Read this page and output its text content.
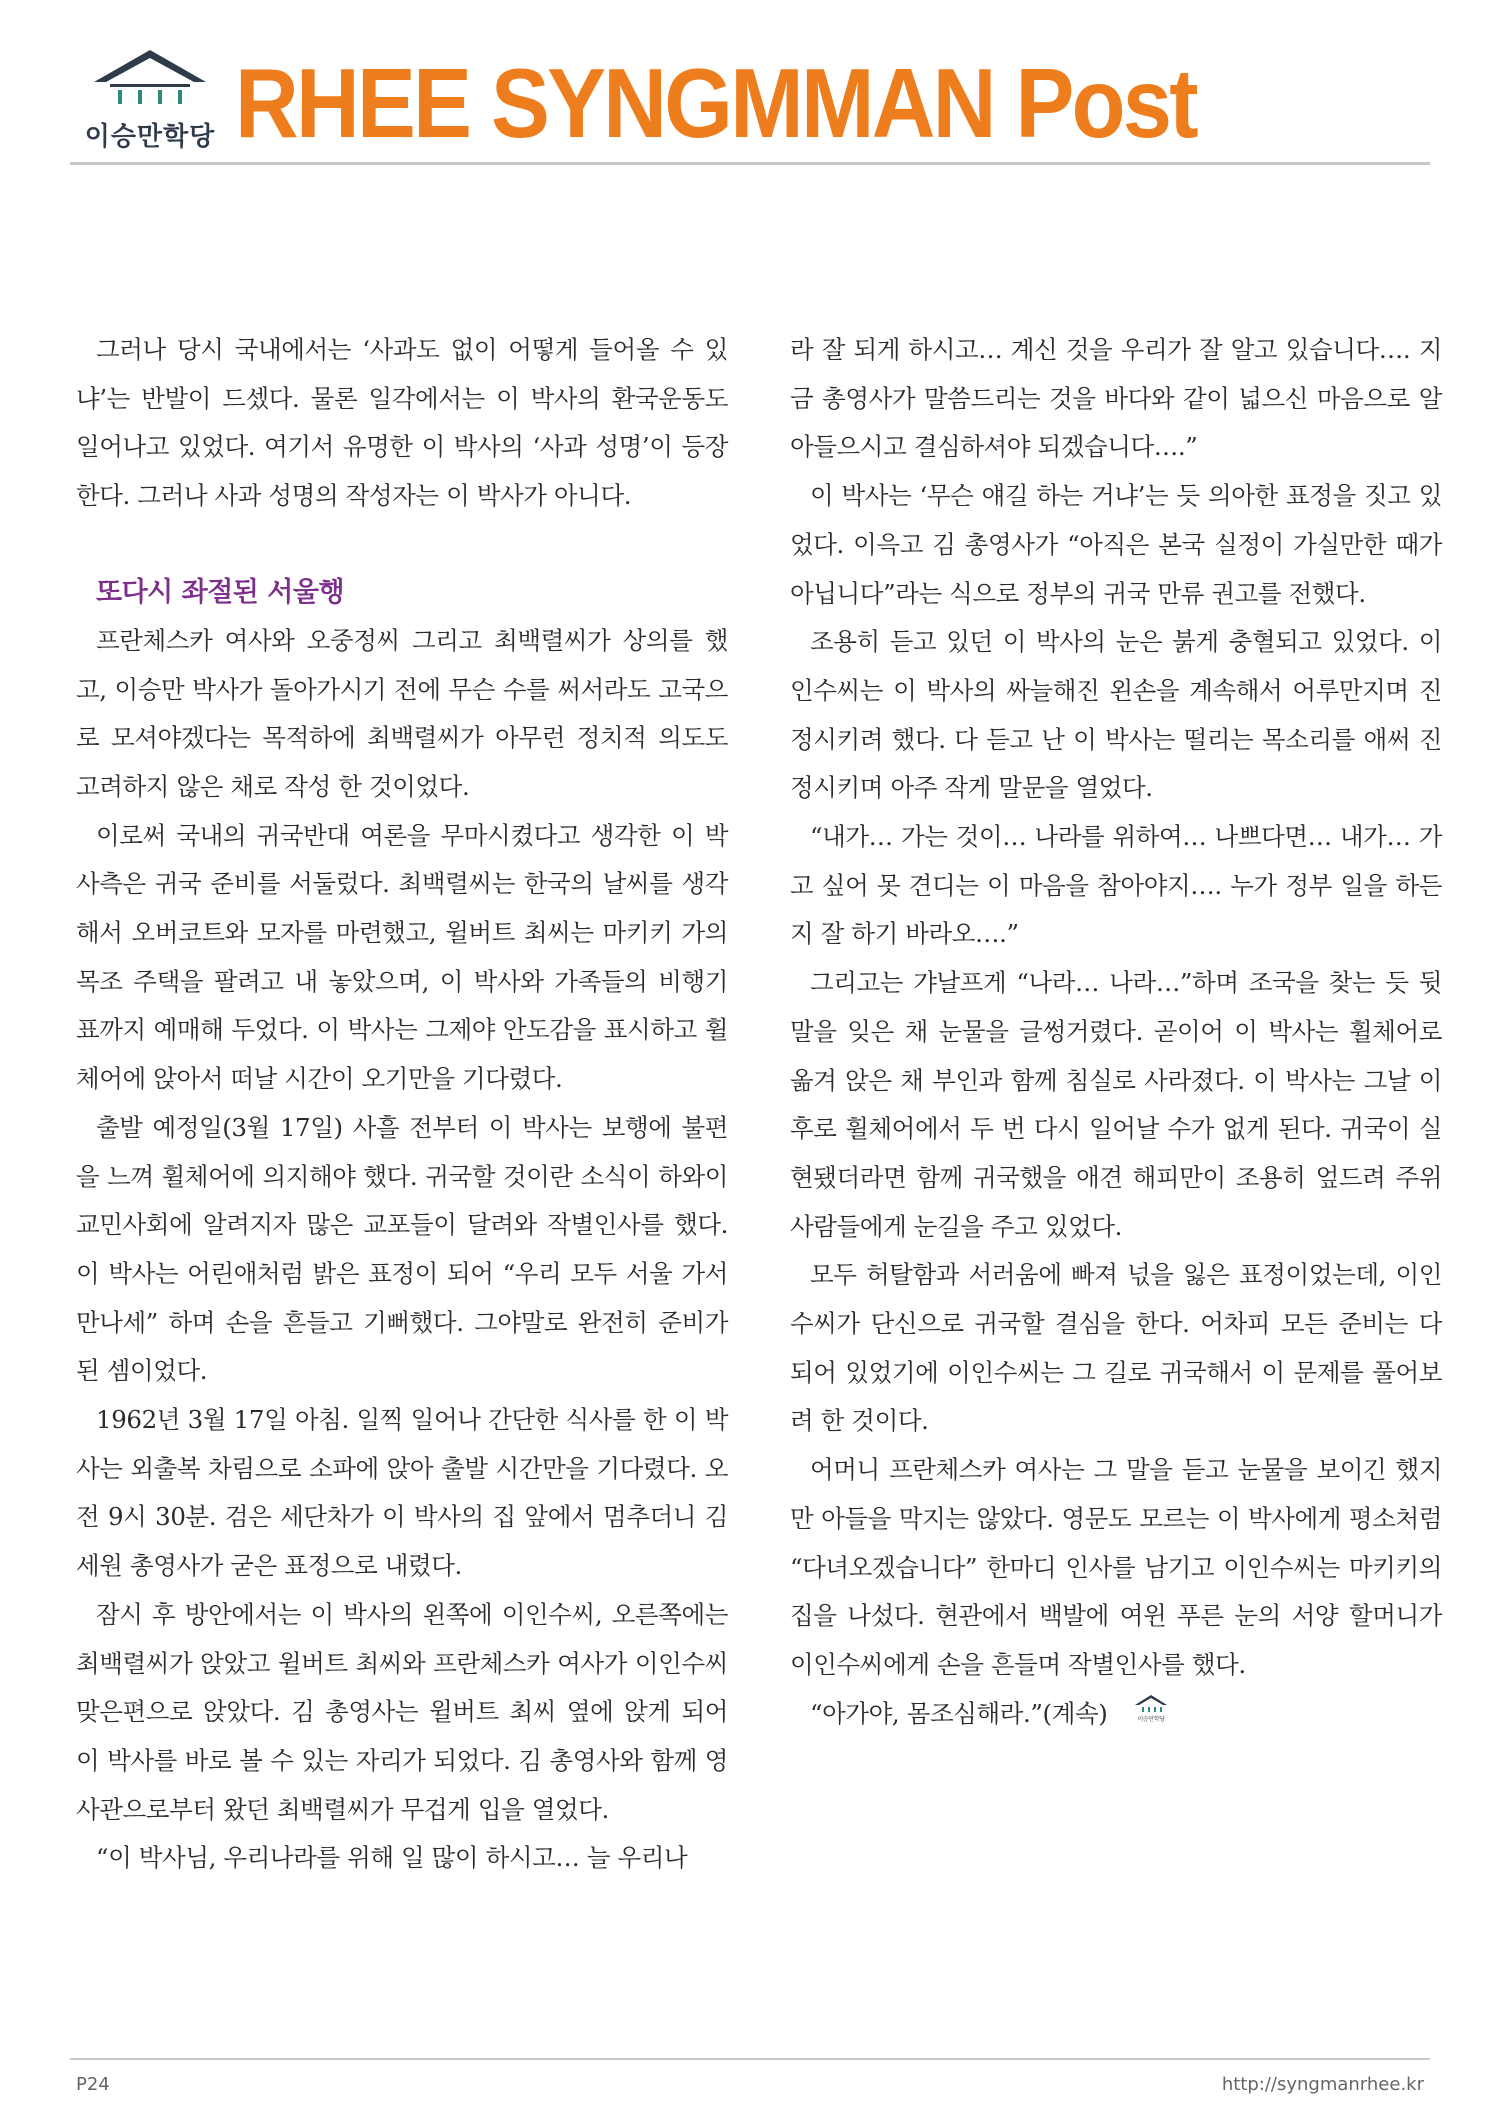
이승만학당 RHEE SYNGMMAN Post

그러나 당시 국내에서는 ‘사과도 없이 어떻게 들어올 수 있냐’는 반발이 드셌다. 물론 일각에서는 이 박사의 환국운동도 일어나고 있었다. 여기서 유명한 이 박사의 ‘사과 성명’이 등장한다. 그러나 사과 성명의 작성자는 이 박사가 아니다.

또다시 좌절된 서울행

프란체스카 여사와 오중정씨 그리고 최백렬씨가 상의를 했고, 이승만 박사가 돌아가시기 전에 무슨 수를 써서라도 고국으로 모셔야겠다는 목적하에 최백렬씨가 아무런 정치적 의도도 고려하지 않은 채로 작성 한 것이었다.

이로써 국내의 귀국반대 여론을 무마시켰다고 생각한 이 박사측은 귀국 준비를 서둘렀다. 최백렬씨는 한국의 날씨를 생각해서 오버코트와 모자를 마련했고, 윌버트 최씨는 마키키 가의 목조 주택을 팔려고 내 놓았으며, 이 박사와 가족들의 비행기 표까지 예매해 두었다. 이 박사는 그제야 안도감을 표시하고 휠체어에 앉아서 떠날 시간이 오기만을 기다렸다.

출발 예정일(3월 17일) 사흘 전부터 이 박사는 보행에 불편을 느껴 휠체어에 의지해야 했다. 귀국할 것이란 소식이 하와이 교민사회에 알려지자 많은 교포들이 달려와 작별인사를 했다. 이 박사는 어린애처럼 밝은 표정이 되어 “우리 모두 서울 가서 만나세” 하며 손을 흔들고 기뻐했다. 그야말로 완전히 준비가 된 셈이었다.

1962년 3월 17일 아침. 일찍 일어나 간단한 식사를 한 이 박사는 외출복 차림으로 소파에 앉아 출발 시간만을 기다렸다. 오전 9시 30분. 검은 세단차가 이 박사의 집 앞에서 멈추더니 김세원 총영사가 굳은 표정으로 내렸다.

잠시 후 방안에서는 이 박사의 왼쪽에 이인수씨, 오른쪽에는 최백렬씨가 앉았고 윌버트 최씨와 프란체스카 여사가 이인수씨 맞은편으로 앉았다. 김 총영사는 윌버트 최씨 옆에 앉게 되어 이 박사를 바로 볼 수 있는 자리가 되었다. 김 총영사와 함께 영사관으로부터 왔던 최백렬씨가 무겁게 입을 열었다.

“이 박사님, 우리나라를 위해 일 많이 하시고… 늘 우리나

라 잘 되게 하시고… 계신 것을 우리가 잘 알고 있습니다…. 지금 총영사가 말씀드리는 것을 바다와 같이 넓으신 마음으로 알아들으시고 결심하셔야 되겠습니다….”

이 박사는 ‘무슨 얘길 하는 거냐’는 듯 의아한 표정을 짓고 있었다. 이윽고 김 총영사가 “아직은 본국 실정이 가실만한 때가 아닙니다”라는 식으로 정부의 귀국 만류 권고를 전했다.

조용히 듣고 있던 이 박사의 눈은 붉게 충혈되고 있었다. 이인수씨는 이 박사의 싸늘해진 왼손을 계속해서 어루만지며 진정시키려 했다. 다 듣고 난 이 박사는 떨리는 목소리를 애써 진정시키며 아주 작게 말문을 열었다.

“내가… 가는 것이… 나라를 위하여… 나쁘다면… 내가… 가고 싶어 못 견디는 이 마음을 참아야지…. 누가 정부 일을 하든지 잘 하기 바라오….”

그리고는 갸날프게 “나라… 나라…”하며 조국을 찾는 듯 뒷말을 잊은 채 눈물을 글썽거렸다. 곧이어 이 박사는 휠체어로 옮겨 앉은 채 부인과 함께 침실로 사라졌다. 이 박사는 그날 이후로 휠체어에서 두 번 다시 일어날 수가 없게 된다. 귀국이 실현됐더라면 함께 귀국했을 애견 해피만이 조용히 엎드려 주위 사람들에게 눈길을 주고 있었다.

모두 허탈함과 서러움에 빠져 넋을 잃은 표정이었는데, 이인수씨가 단신으로 귀국할 결심을 한다. 어차피 모든 준비는 다 되어 있었기에 이인수씨는 그 길로 귀국해서 이 문제를 풀어보려 한 것이다.

어머니 프란체스카 여사는 그 말을 듣고 눈물을 보이긴 했지만 아들을 막지는 않았다. 영문도 모르는 이 박사에게 평소처럼 “다녀오겠습니다” 한마디 인사를 남기고 이인수씨는 마키키의 집을 나섰다. 현관에서 백발에 여윈 푸른 눈의 서양 할머니가 이인수씨에게 손을 흔들며 작별인사를 했다.

“아가야, 몸조심해라.”(계속)	이승만학당

P24	http://syngmanrhee.kr
